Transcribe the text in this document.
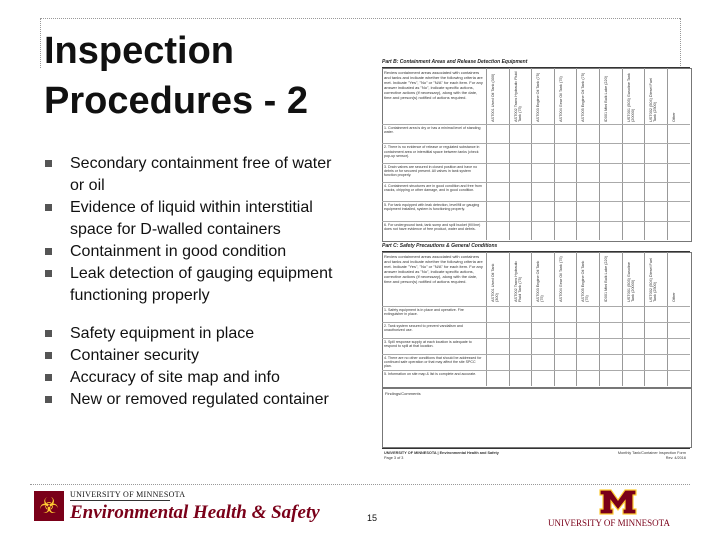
Inspection
Procedures - 2
Secondary containment free of water or oil
Evidence of liquid within interstitial space for D-walled containers
Containment in good condition
Leak detection of gauging equipment functioning properly
Safety equipment in place
Container security
Accuracy of site map and info
New or removed regulated container
Part B: Containment Areas and Release Detection Equipment
Review containment areas associated with containers and tanks and indicate whether the following criteria are met. Indicate "Yes", "No" or "N/A" for each item. For any answer indicated as "No", indicate specific actions, corrective actions (if necessary), along with the date, time and person(s) notified of actions required.
Part C: Safety Precautions & General Conditions
Review containment areas associated with containers and tanks and indicate whether the following criteria are met. Indicate "Yes", "No" or "N/A" for each item. For any answer indicated as "No", indicate specific actions, corrective actions (if necessary), along with the date, time and person(s) notified of actions required.
Findings/Comments
UNIVERSITY OF MINNESOTA | Environmental Health and Safety
Page 3 of 3
Monthly Tank/Container Inspection Form
Rev. 4/2016
AST001 Used Oil Tank (300)	AST002 Trans Hydraulic Fluid Tank (75)	AST003 Engine Oil Tank (75)	AST004 Gear Oil Tank (75)	AST005 Engine Oil Tank (75)	ID001 Mini Bulk Lube (220)	UST001 (503) Gasoline Tank (20000)	UST002 (504) Diesel Fuel Tank (2500)	Other
AST001 Used Oil Tank (300)	AST002 Trans Hydraulic Fluid Tank (75)	AST003 Engine Oil Tank (75)	AST004 Gear Oil Tank (75)	AST005 Engine Oil Tank (75)	ID001 Mini Bulk Lube (220)	UST001 (503) Gasoline Tank (20000)	UST002 (504) Diesel Fuel Tank (2500)	Other
1. Containment area is dry or has a minimal level of standing water.
2. There is no evidence of release or regulated substance in containment area or interstitial space between tanks (check pop-up sensor).
3. Drain valves are secured in closed position and have no debris or for secured present. All valves in tank system function properly.
4. Containment structures are in good condition and free from cracks, chipping or other damage, and in good condition.
5. For tank equipped with leak detection, level/fill or gauging equipment installed, system is functioning properly.
6. For underground tank, tank sump and spill bucket (fill line) does not have evidence of free product, water and debris.
1. Safety equipment is in place and operative. Fire extinguisher in place.
2. Tank system secured to prevent vandalism and unauthorized use.
3. Spill response supply at each location is adequate to respond to spill at that location.
4. There are no other conditions that should be addressed for continued safe operation or that may affect the site SPCC plan.
5. Information on site map & list is complete and accurate.
☣	UNIVERSITY OF MINNESOTA
Environmental Health & Safety	15	UNIVERSITY OF MINNESOTA
